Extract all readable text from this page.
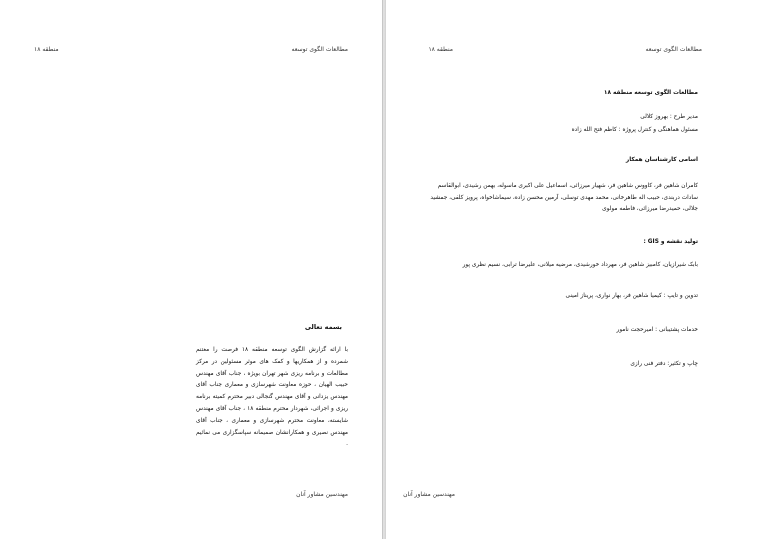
مطالعات الگوی توسعه
منطقه ۱۸
بسمه تعالی
با ارائه گزارش الگوی توسعه منطقه ۱۸ فرصت را مغتنم شمرده و از همکاریها و کمک های موثر مسئولین در مرکز مطالعات و برنامه ریزی شهر تهران بویژه ، جناب آقای مهندس حبیب الهیان ، حوزه معاونت شهرسازی و معماری جناب آقای مهندس یزدانی و آقای مهندس گنجالی دبیر محترم کمیته برنامه ریزی و اجرائی، شهردار محترم منطقه ۱۸ ، جناب آقای مهندس شایسته، معاونت محترم شهرسازی و معماری ، جناب آقای مهندس نصیری و همکارانشان صمیمانه سپاسگزاری می نمائیم .
مهندسین مشاور آنان
مطالعات الگوی توسعه
منطقه ۱۸
مطالعات الگوی توسعه منطقه ۱۸
مدیر طرح : بهروز کلالی
مسئول هماهنگی و کنترل پروژه : کاظم فتح الله زاده
اسامی کارشناسان همکار
کامران شاهین فر، کاووس شاهین فر، شهیار میرزائی، اسماعیل علی اکبری ماسوله، بهمن رشیدی، ابوالقاسم سادات دربندی، حبیب اله طاهرخانی، محمد مهدی توسلی، آرمین محسن زاده، سیماشاخواه، پرویز کلفی، جمشید جلالی، حمیدرضا میرزائی، فاطمه مولوی
تولید نقشه و GIS :
بابک شیرازیان، کامبیز شاهین فر، مهرداد خورشیدی، مرضیه میلانی، علیرضا ترابی، نسیم نظری پور
تدوین و تایپ : کیمیا شاهین فر، بهار نواری، پریناز امینی
خدمات پشتیبانی : امیرحجت نامور
چاپ و تکثیر: دفتر فنی رازی
مهندسین مشاور آنان
